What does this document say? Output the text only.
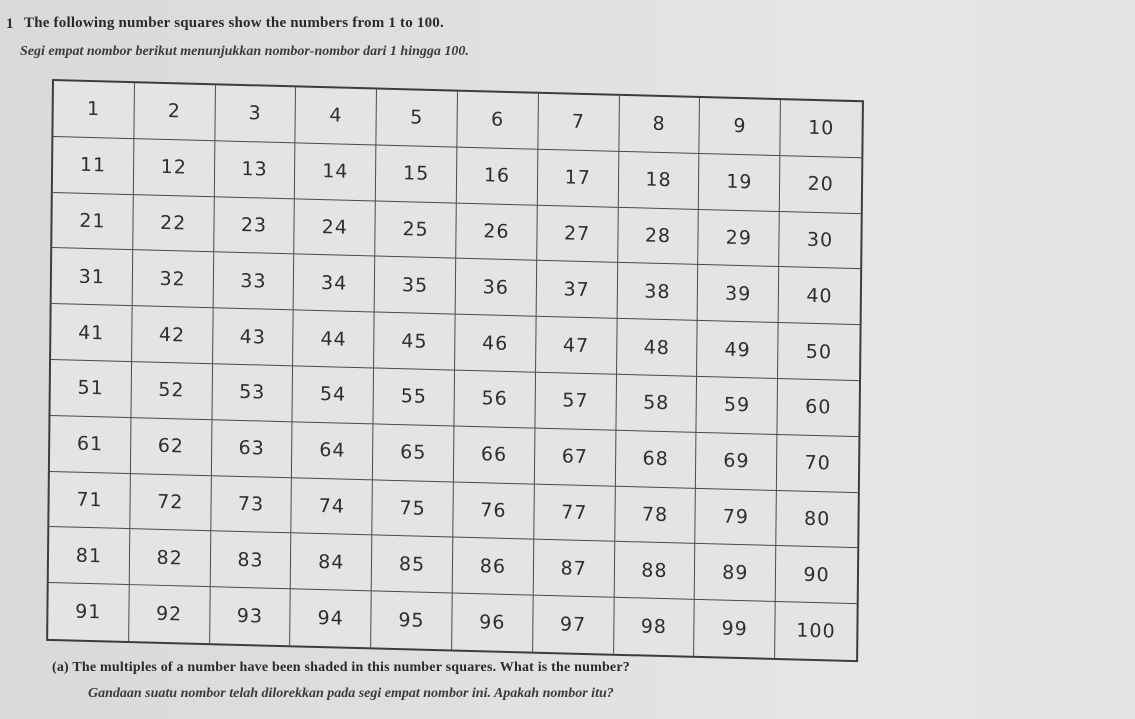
1 The following number squares show the numbers from 1 to 100.
Segi empat nombor berikut menunjukkan nombor-nombor dari 1 hingga 100.
1	2	3	4	5	6	7	8	9	10
11	12	13	14	15	16	17	18	19	20
21	22	23	24	25	26	27	28	29	30
31	32	33	34	35	36	37	38	39	40
41	42	43	44	45	46	47	48	49	50
51	52	53	54	55	56	57	58	59	60
61	62	63	64	65	66	67	68	69	70
71	72	73	74	75	76	77	78	79	80
81	82	83	84	85	86	87	88	89	90
91	92	93	94	95	96	97	98	99	100
(a) The multiples of a number have been shaded in this number squares. What is the number?
Gandaan suatu nombor telah dilorekkan pada segi empat nombor ini. Apakah nombor itu?
